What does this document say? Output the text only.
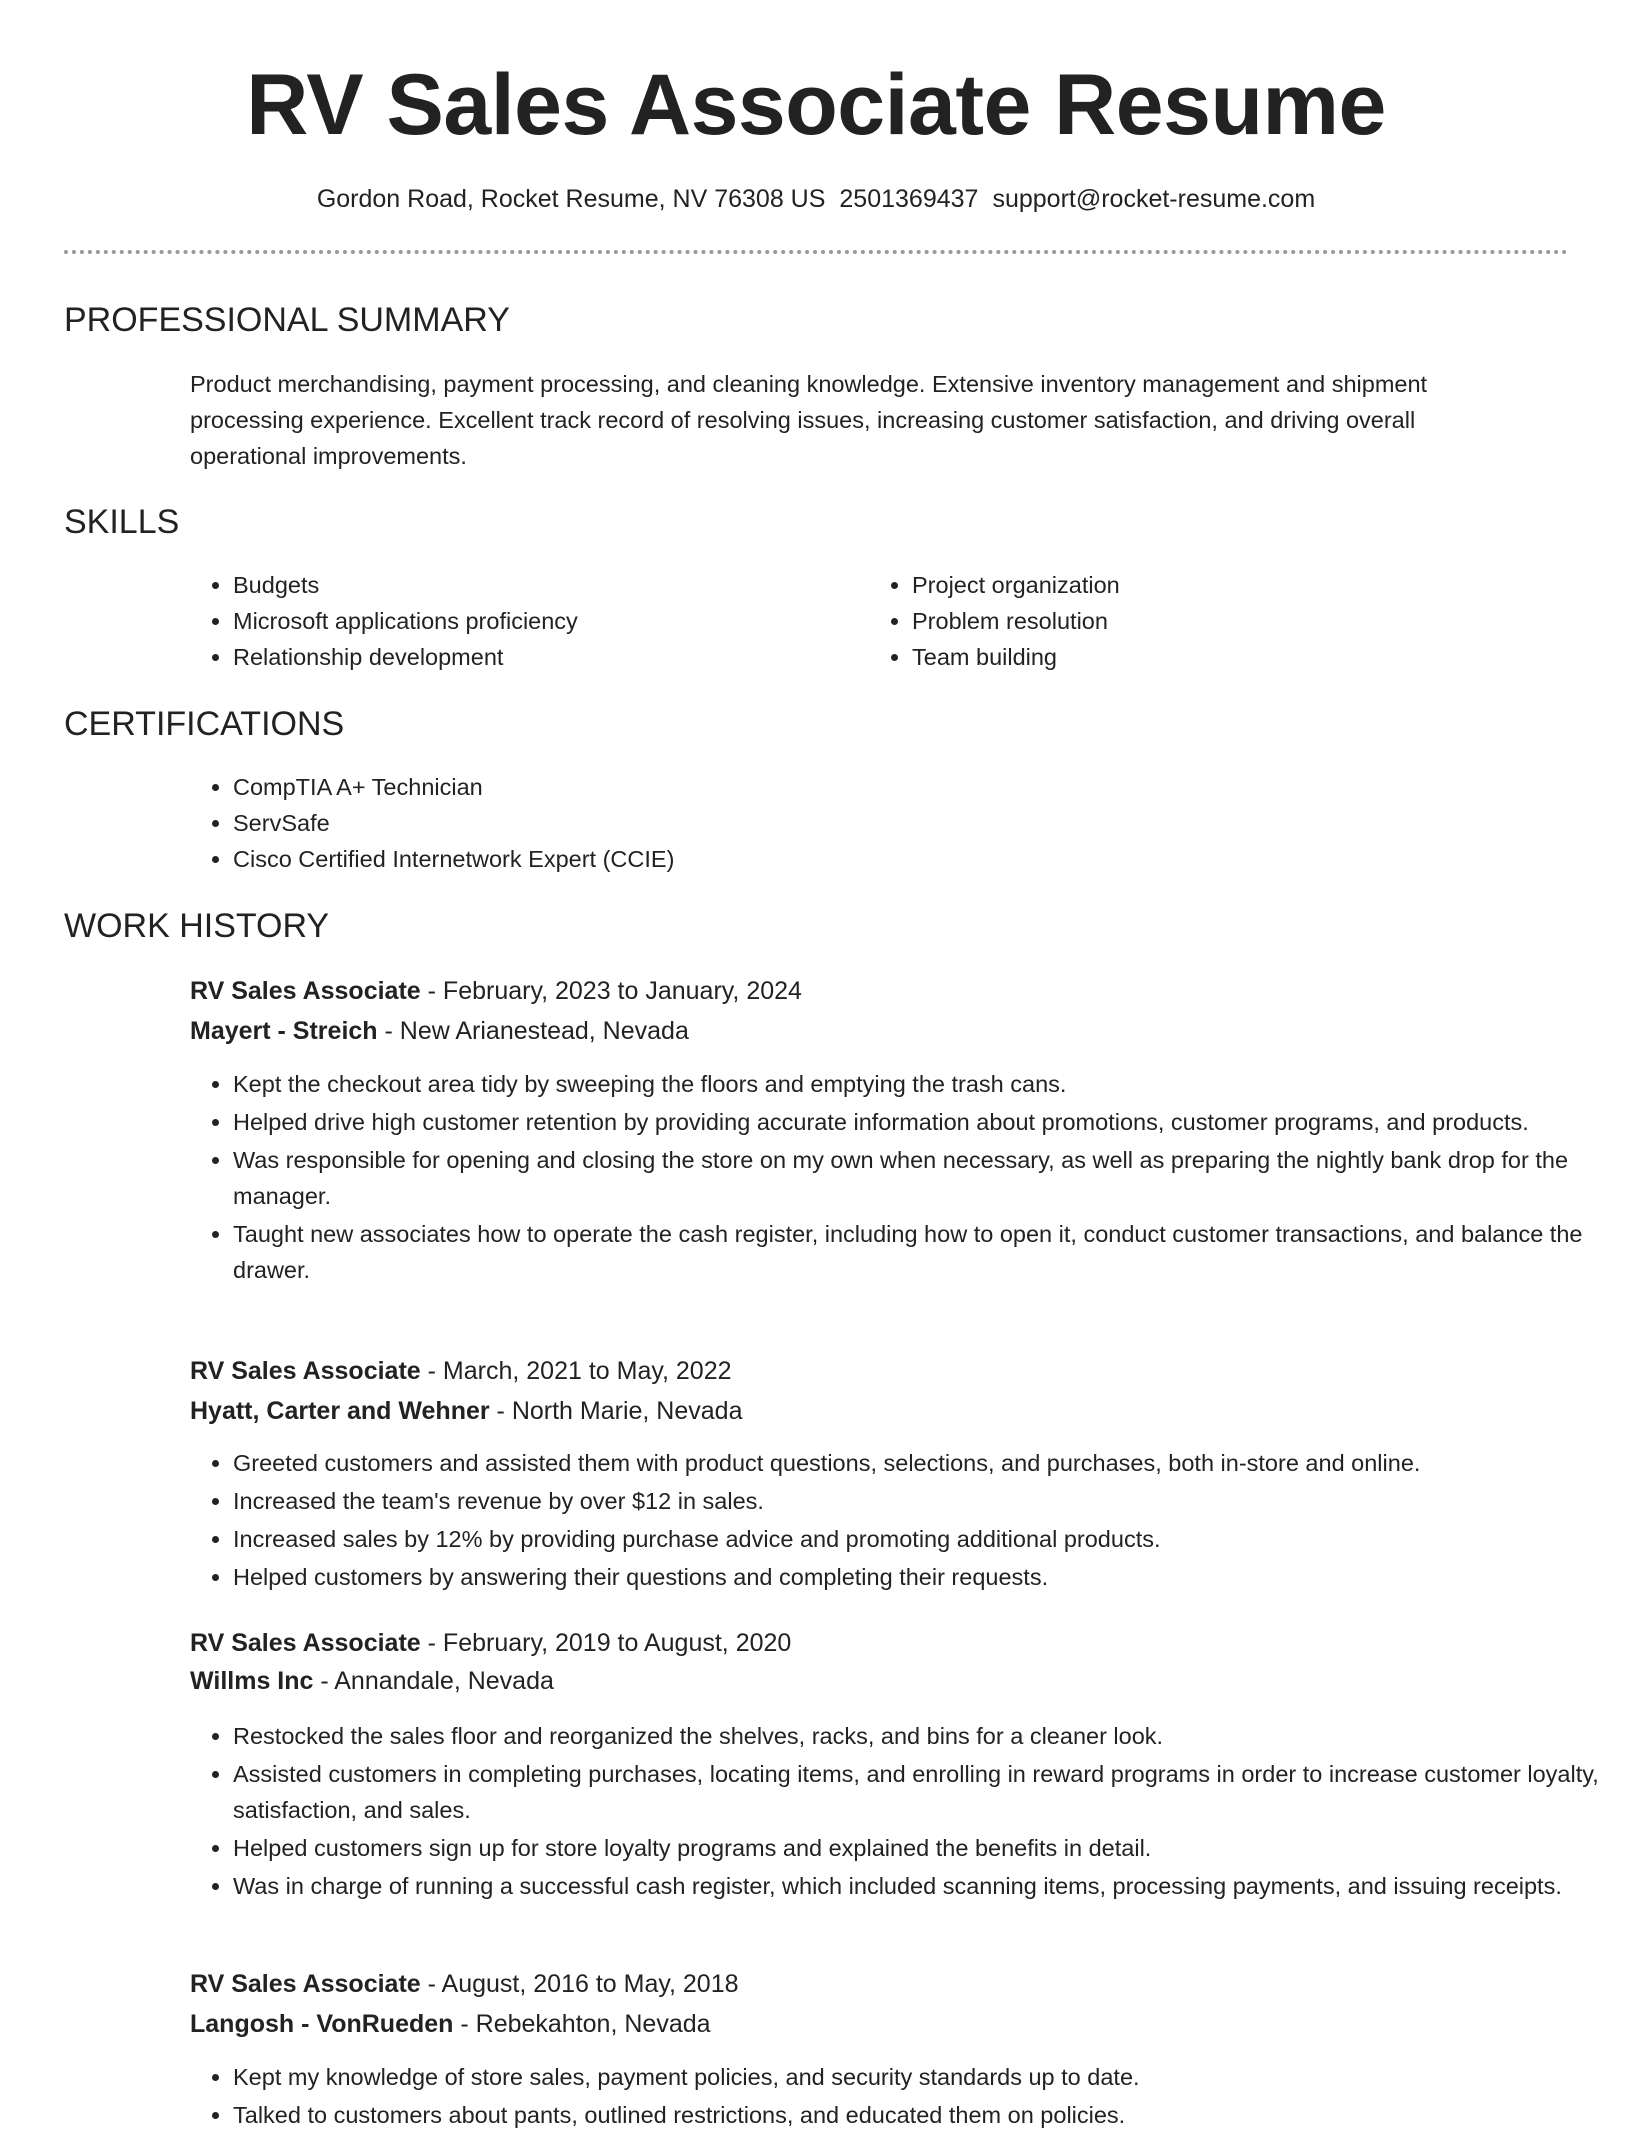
RV Sales Associate Resume
Gordon Road, Rocket Resume, NV 76308 US 2501369437 support@rocket-resume.com
PROFESSIONAL SUMMARY

Product merchandising, payment processing, and cleaning knowledge. Extensive inventory management and shipment processing experience. Excellent track record of resolving issues, increasing customer satisfaction, and driving overall operational improvements.

SKILLS
• Budgets
• Microsoft applications proficiency
• Relationship development
• Project organization
• Problem resolution
• Team building
CERTIFICATIONS
• CompTIA A+ Technician
• ServSafe
• Cisco Certified Internetwork Expert (CCIE)
WORK HISTORY
RV Sales Associate - February, 2023 to January, 2024
Mayert - Streich - New Arianestead, Nevada
• Kept the checkout area tidy by sweeping the floors and emptying the trash cans.
• Helped drive high customer retention by providing accurate information about promotions, customer programs, and products.
• Was responsible for opening and closing the store on my own when necessary, as well as preparing the nightly bank drop for the manager.
• Taught new associates how to operate the cash register, including how to open it, conduct customer transactions, and balance the drawer.
RV Sales Associate - March, 2021 to May, 2022
Hyatt, Carter and Wehner - North Marie, Nevada
• Greeted customers and assisted them with product questions, selections, and purchases, both in-store and online.
• Increased the team's revenue by over $12 in sales.
• Increased sales by 12% by providing purchase advice and promoting additional products.
• Helped customers by answering their questions and completing their requests.
RV Sales Associate - February, 2019 to August, 2020
Willms Inc - Annandale, Nevada
• Restocked the sales floor and reorganized the shelves, racks, and bins for a cleaner look.
• Assisted customers in completing purchases, locating items, and enrolling in reward programs in order to increase customer loyalty, satisfaction, and sales.
• Helped customers sign up for store loyalty programs and explained the benefits in detail.
• Was in charge of running a successful cash register, which included scanning items, processing payments, and issuing receipts.
RV Sales Associate - August, 2016 to May, 2018
Langosh - VonRueden - Rebekahton, Nevada
• Kept my knowledge of store sales, payment policies, and security standards up to date.
• Talked to customers about pants, outlined restrictions, and educated them on policies.
